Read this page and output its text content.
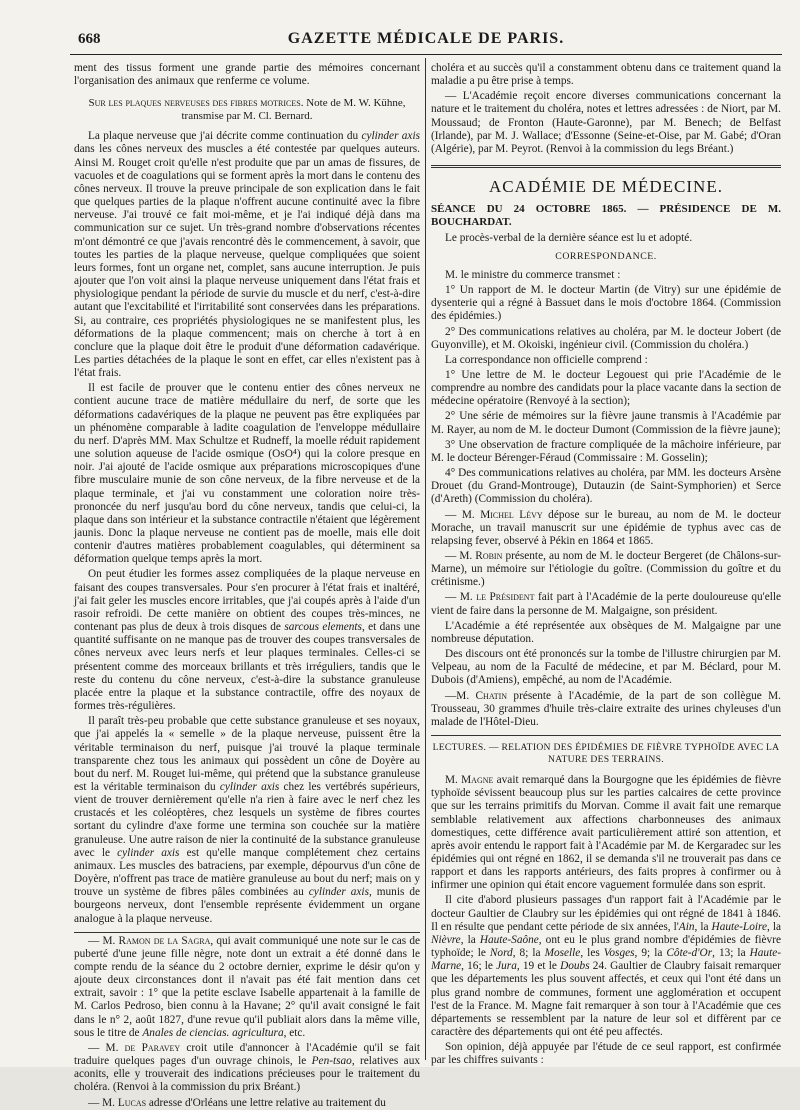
668	GAZETTE MÉDICALE DE PARIS.

ment des tissus forment une grande partie des mémoires concernant l'organisation des animaux que renferme ce volume.

Sur les plaques nerveuses des fibres motrices. Note de M. W. Kühne,
transmise par M. Cl. Bernard.

La plaque nerveuse que j'ai décrite comme continuation du cylinder axis dans les cônes nerveux des muscles a été contestée par quelques auteurs. Ainsi M. Rouget croit qu'elle n'est produite que par un amas de fissures, de vacuoles et de coagulations qui se forment après la mort dans le contenu des cônes nerveux. Il trouve la preuve principale de son explication dans le fait que quelques parties de la plaque n'offrent aucune continuité avec la fibre nerveuse. J'ai trouvé ce fait moi-même, et je l'ai indiqué déjà dans ma communication sur ce sujet. Un très-grand nombre d'observations récentes m'ont démontré ce que j'avais rencontré dès le commencement, à savoir, que toutes les parties de la plaque nerveuse, quelque compliquées que soient leurs formes, font un organe net, complet, sans aucune interruption. Je puis ajouter que l'on voit ainsi la plaque nerveuse uniquement dans l'état frais et physiologique pendant la période de survie du muscle et du nerf, c'est-à-dire autant que l'excitabilité et l'irritabilité sont conservées dans les préparations. Si, au contraire, ces propriétés physiologiques ne se manifestent plus, les déformations de la plaque commencent; mais on cherche à tort à en conclure que la plaque doit être le produit d'une déformation cadavérique. Les parties détachées de la plaque le sont en effet, car elles n'existent pas à l'état frais.

Il est facile de prouver que le contenu entier des cônes nerveux ne contient aucune trace de matière médullaire du nerf, de sorte que les déformations cadavériques de la plaque ne peuvent pas être expliquées par un phénomène comparable à ladite coagulation de l'enveloppe médullaire du nerf. D'après MM. Max Schultze et Rudneff, la moelle réduit rapidement une solution aqueuse de l'acide osmique (OsO⁴) qui la colore presque en noir. J'ai ajouté de l'acide osmique aux préparations microscopiques d'une fibre musculaire munie de son cône nerveux, de la fibre nerveuse et de la plaque terminale, et j'ai vu constamment une coloration noire très-prononcée du nerf jusqu'au bord du cône nerveux, tandis que celui-ci, la plaque dans son intérieur et la substance contractile n'étaient que légèrement jaunis. Donc la plaque nerveuse ne contient pas de moelle, mais elle doit contenir d'autres matières probablement coagulables, qui déterminent sa déformation quelque temps après la mort.

On peut étudier les formes assez compliquées de la plaque nerveuse en faisant des coupes transversales. Pour s'en procurer à l'état frais et inaltéré, j'ai fait geler les muscles encore irritables, que j'ai coupés après à l'aide d'un rasoir refroidi. De cette manière on obtient des coupes très-minces, ne contenant pas plus de deux à trois disques de sarcous elements, et dans une quantité suffisante on ne manque pas de trouver des coupes transversales de cônes nerveux avec leurs nerfs et leur plaques terminales. Celles-ci se présentent comme des morceaux brillants et très irréguliers, tandis que le reste du contenu du cône nerveux, c'est-à-dire la substance granuleuse placée entre la plaque et la substance contractile, offre des noyaux de formes très-régulières.

Il paraît très-peu probable que cette substance granuleuse et ses noyaux, que j'ai appelés la « semelle » de la plaque nerveuse, puissent être la véritable terminaison du nerf, puisque j'ai trouvé la plaque terminale transparente chez tous les animaux qui possèdent un cône de Doyère au bout du nerf. M. Rouget lui-même, qui prétend que la substance granuleuse est la véritable terminaison du cylinder axis chez les vertébrés supérieurs, vient de trouver dernièrement qu'elle n'a rien à faire avec le nerf chez les crustacés et les coléoptères, chez lesquels un système de fibres courtes sortant du cylindre d'axe forme une termina son couchée sur la matière granuleuse. Une autre raison de nier la continuité de la substance granuleuse avec le cylinder axis est qu'elle manque complétement chez certains animaux. Les muscles des batraciens, par exemple, dépourvus d'un cône de Doyère, n'offrent pas trace de matière granuleuse au bout du nerf; mais on y trouve un système de fibres pâles combinées au cylinder axis, munis de bourgeons nerveux, dont l'ensemble représente évidemment un organe analogue à la plaque nerveuse.

— M. Ramon de la Sagra, qui avait communiqué une note sur le cas de puberté d'une jeune fille nègre, note dont un extrait a été donné dans le compte rendu de la séance du 2 octobre dernier, exprime le désir qu'on y ajoute deux circonstances dont il n'avait pas été fait mention dans cet extrait, savoir : 1° que la petite esclave Isabelle appartenait à la famille de M. Carlos Pedroso, bien connu à la Havane; 2° qu'il avait consigné le fait dans le n° 2, août 1827, d'une revue qu'il publiait alors dans la même ville, sous le titre de Anales de ciencias. agricultura, etc.

— M. de Paravey croit utile d'annoncer à l'Académie qu'il se fait traduire quelques pages d'un ouvrage chinois, le Pen-tsao, relatives aux aconits, elle y trouverait des indications précieuses pour le traitement du choléra. (Renvoi à la commission du prix Bréant.)

— M. Lucas adresse d'Orléans une lettre relative au traitement du

choléra et au succès qu'il a constamment obtenu dans ce traitement quand la maladie a pu être prise à temps.

— L'Académie reçoit encore diverses communications concernant la nature et le traitement du choléra, notes et lettres adressées : de Niort, par M. Moussaud; de Fronton (Haute-Garonne), par M. Benech; de Belfast (Irlande), par M. J. Wallace; d'Essonne (Seine-et-Oise, par M. Gabé; d'Oran (Algérie), par M. Peyrot. (Renvoi à la commission du legs Bréant.)

ACADÉMIE DE MÉDECINE.

SÉANCE DU 24 OCTOBRE 1865. — PRÉSIDENCE DE M. BOUCHARDAT.

Le procès-verbal de la dernière séance est lu et adopté.

CORRESPONDANCE.

M. le ministre du commerce transmet :

1° Un rapport de M. le docteur Martin (de Vitry) sur une épidémie de dysenterie qui a régné à Bassuet dans le mois d'octobre 1864. (Commission des épidémies.)

2° Des communications relatives au choléra, par M. le docteur Jobert (de Guyonville), et M. Okoiski, ingénieur civil. (Commission du choléra.)

La correspondance non officielle comprend :

1° Une lettre de M. le docteur Legouest qui prie l'Académie de le comprendre au nombre des candidats pour la place vacante dans la section de médecine opératoire (Renvoyé à la section);

2° Une série de mémoires sur la fièvre jaune transmis à l'Académie par M. Rayer, au nom de M. le docteur Dumont (Commission de la fièvre jaune);

3° Une observation de fracture compliquée de la mâchoire inférieure, par M. le docteur Bérenger-Féraud (Commissaire : M. Gosselin);

4° Des communications relatives au choléra, par MM. les docteurs Arsène Drouet (du Grand-Montrouge), Dutauzin (de Saint-Symphorien) et Serce (d'Areth) (Commission du choléra).

— M. Michel Lévy dépose sur le bureau, au nom de M. le docteur Morache, un travail manuscrit sur une épidémie de typhus avec cas de relapsing fever, observé à Pékin en 1864 et 1865.

— M. Robin présente, au nom de M. le docteur Bergeret (de Châlons-sur-Marne), un mémoire sur l'étiologie du goître. (Commission du goître et du crétinisme.)

— M. le Président fait part à l'Académie de la perte douloureuse qu'elle vient de faire dans la personne de M. Malgaigne, son président.

L'Académie a été représentée aux obsèques de M. Malgaigne par une nombreuse députation.

Des discours ont été prononcés sur la tombe de l'illustre chirurgien par M. Velpeau, au nom de la Faculté de médecine, et par M. Béclard, pour M. Dubois (d'Amiens), empêché, au nom de l'Académie.

—M. Chatin présente à l'Académie, de la part de son collègue M. Trousseau, 30 grammes d'huile très-claire extraite des urines chyleuses d'un malade de l'Hôtel-Dieu.

LECTURES. — RELATION DES ÉPIDÉMIES DE FIÈVRE TYPHOÏDE AVEC LA NATURE DES TERRAINS.

M. Magne avait remarqué dans la Bourgogne que les épidémies de fièvre typhoïde sévissent beaucoup plus sur les parties calcaires de cette province que sur les terrains primitifs du Morvan. Comme il avait fait une remarque semblable relativement aux affections charbonneuses des animaux domestiques, cette différence avait particulièrement attiré son attention, et après avoir entendu le rapport fait à l'Académie par M. de Kergaradec sur les épidémies qui ont régné en 1862, il se demanda s'il ne trouverait pas dans ce rapport et dans les rapports antérieurs, des faits propres à confirmer ou à infirmer une opinion qui était encore vaguement formulée dans son esprit.

Il cite d'abord plusieurs passages d'un rapport fait à l'Académie par le docteur Gaultier de Claubry sur les épidémies qui ont régné de 1841 à 1846. Il en résulte que pendant cette période de six années, l'Ain, la Haute-Loire, la Nièvre, la Haute-Saône, ont eu le plus grand nombre d'épidémies de fièvre typhoïde; le Nord, 8; la Moselle, les Vosges, 9; la Côte-d'Or, 13; la Haute-Marne, 16; le Jura, 19 et le Doubs 24. Gaultier de Claubry faisait remarquer que les départements les plus souvent affectés, et ceux qui l'ont été dans un plus grand nombre de communes, forment une agglomération et occupent l'est de la France. M. Magne fait remarquer à son tour à l'Académie que ces départements se ressemblent par la nature de leur sol et diffèrent par ce caractère des départements qui ont été peu affectés.

Son opinion, déjà appuyée par l'étude de ce seul rapport, est confirmée par les chiffres suivants :
